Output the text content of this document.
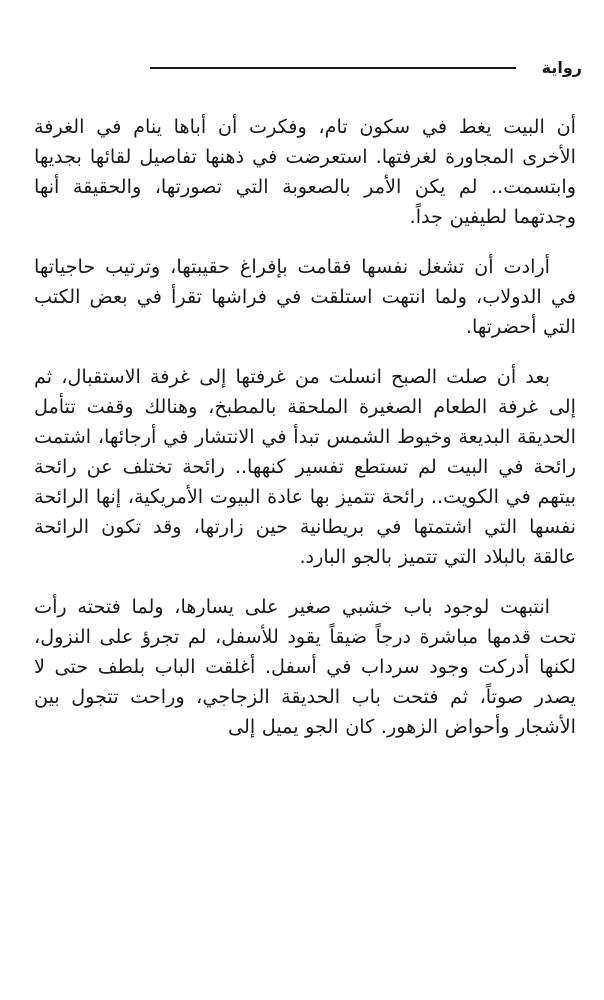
رواية

أن البيت يغط في سكون تام، وفكرت أن أباها ينام في الغرفة الأخرى المجاورة لغرفتها. استعرضت في ذهنها تفاصيل لقائها بجديها وابتسمت.. لم يكن الأمر بالصعوبة التي تصورتها، والحقيقة أنها وجدتهما لطيفين جداً.

أرادت أن تشغل نفسها فقامت بإفراغ حقيبتها، وترتيب حاجياتها في الدولاب، ولما انتهت استلقت في فراشها تقرأ في بعض الكتب التي أحضرتها.

بعد أن صلت الصبح انسلت من غرفتها إلى غرفة الاستقبال، ثم إلى غرفة الطعام الصغيرة الملحقة بالمطبخ، وهنالك وقفت تتأمل الحديقة البديعة وخيوط الشمس تبدأ في الانتشار في أرجائها، اشتمت رائحة في البيت لم تستطع تفسير كنهها.. رائحة تختلف عن رائحة بيتهم في الكويت.. رائحة تتميز بها عادة البيوت الأمريكية، إنها الرائحة نفسها التي اشتمتها في بريطانية حين زارتها، وقد تكون الرائحة عالقة بالبلاد التي تتميز بالجو البارد.

انتبهت لوجود باب خشبي صغير على يسارها، ولما فتحته رأت تحت قدمها مباشرة درجاً ضيقاً يقود للأسفل، لم تجرؤ على النزول، لكنها أدركت وجود سرداب في أسفل. أغلقت الباب بلطف حتى لا يصدر صوتاً، ثم فتحت باب الحديقة الزجاجي، وراحت تتجول بين الأشجار وأحواض الزهور. كان الجو يميل إلى
